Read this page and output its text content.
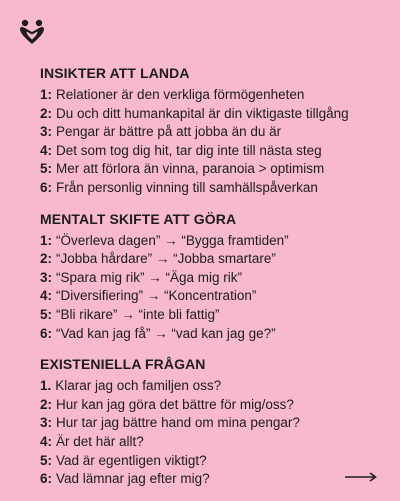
INSIKTER ATT LANDA
1: Relationer är den verkliga förmögenheten
2: Du och ditt humankapital är din viktigaste tillgång
3: Pengar är bättre på att jobba än du är
4: Det som tog dig hit, tar dig inte till nästa steg
5: Mer att förlora än vinna, paranoia > optimism
6: Från personlig vinning till samhällspåverkan
MENTALT SKIFTE ATT GÖRA
1: “Överleva dagen” → “Bygga framtiden”
2: “Jobba hårdare” → “Jobba smartare”
3: “Spara mig rik” → “Äga mig rik”
4: “Diversifiering” → “Koncentration”
5: “Bli rikare” → “inte bli fattig”
6: “Vad kan jag få” → “vad kan jag ge?”
EXISTENIELLA FRÅGAN
1. Klarar jag och familjen oss?
2: Hur kan jag göra det bättre för mig/oss?
3: Hur tar jag bättre hand om mina pengar?
4: Är det här allt?
5: Vad är egentligen viktigt?
6: Vad lämnar jag efter mig?
